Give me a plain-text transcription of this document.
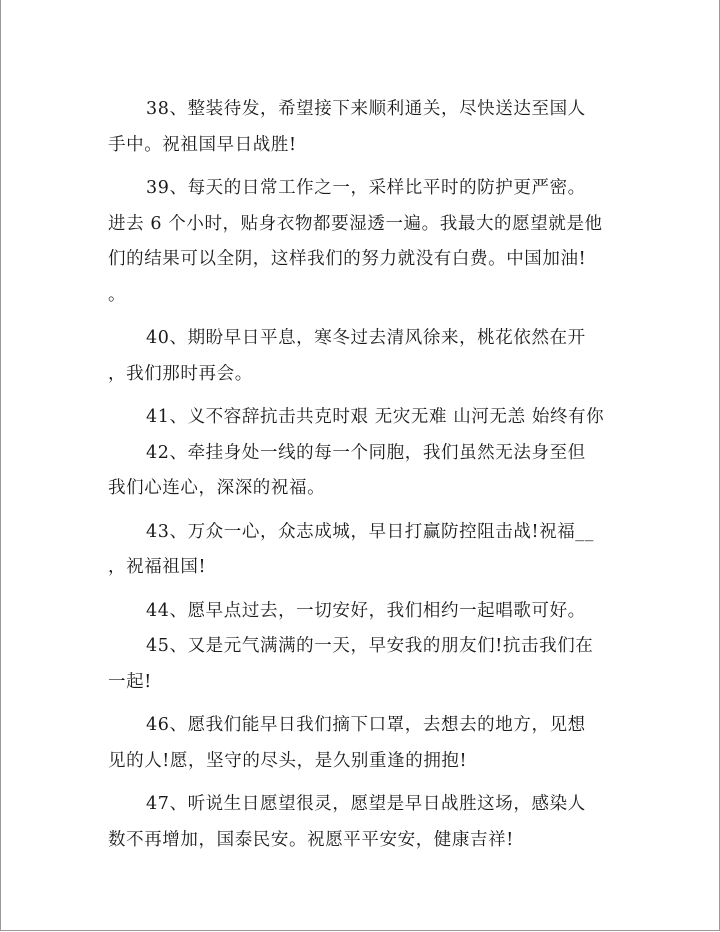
38、整装待发，希望接下来顺利通关，尽快送达至国人
手中。祝祖国早日战胜!

39、每天的日常工作之一，采样比平时的防护更严密。
进去 6 个小时，贴身衣物都要湿透一遍。我最大的愿望就是他
们的结果可以全阴，这样我们的努力就没有白费。中国加油!
。

40、期盼早日平息，寒冬过去清风徐来，桃花依然在开
，我们那时再会。

41、义不容辞抗击共克时艰 无灾无难 山河无恙 始终有你

42、牵挂身处一线的每一个同胞，我们虽然无法身至但
我们心连心，深深的祝福。

43、万众一心，众志成城，早日打赢防控阻击战!祝福__
，祝福祖国!

44、愿早点过去，一切安好，我们相约一起唱歌可好。

45、又是元气满满的一天，早安我的朋友们!抗击我们在
一起!

46、愿我们能早日我们摘下口罩，去想去的地方，见想
见的人!愿，坚守的尽头，是久别重逢的拥抱!

47、听说生日愿望很灵，愿望是早日战胜这场，感染人
数不再增加，国泰民安。祝愿平平安安，健康吉祥!
